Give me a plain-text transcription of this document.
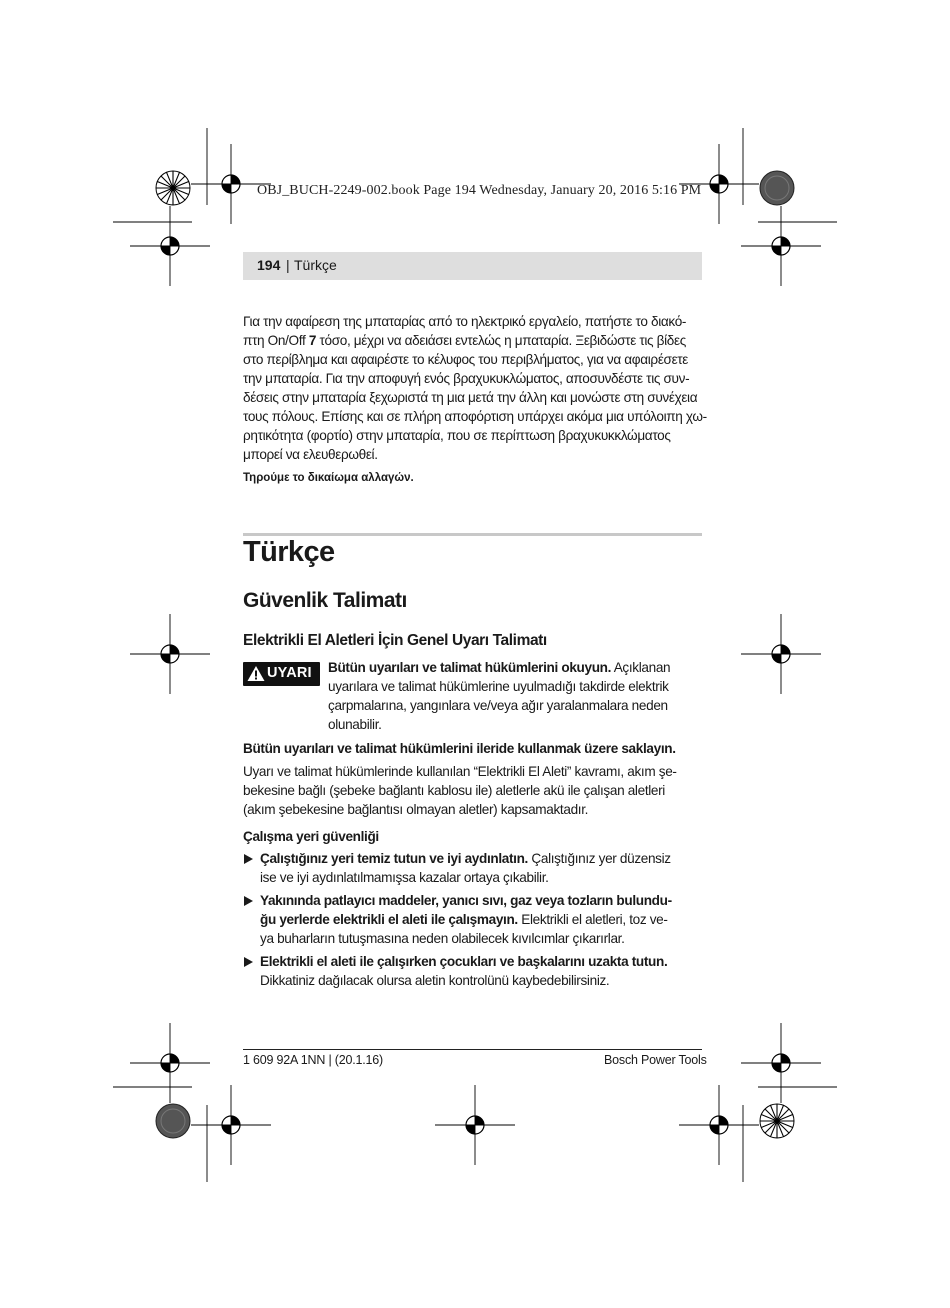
OBJ_BUCH-2249-002.book Page 194 Wednesday, January 20, 2016 5:16 PM
194 | Türkçe
Για την αφαίρεση της μπαταρίας από το ηλεκτρικό εργαλείο, πατήστε το διακό-
πτη On/Off 7 τόσο, μέχρι να αδειάσει εντελώς η μπαταρία. Ξεβιδώστε τις βίδες
στο περίβλημα και αφαιρέστε το κέλυφος του περιβλήματος, για να αφαιρέσετε
την μπαταρία. Για την αποφυγή ενός βραχυκυκλώματος, αποσυνδέστε τις συν-
δέσεις στην μπαταρία ξεχωριστά τη μια μετά την άλλη και μονώστε στη συνέχεια
τους πόλους. Επίσης και σε πλήρη αποφόρτιση υπάρχει ακόμα μια υπόλοιπη χω-
ρητικότητα (φορτίο) στην μπαταρία, που σε περίπτωση βραχυκυκκλώματος
μπορεί να ελευθερωθεί.
Τηρούμε το δικαίωμα αλλαγών.
Türkçe
Güvenlik Talimatı
Elektrikli El Aletleri İçin Genel Uyarı Talimatı
UYARI Bütün uyarıları ve talimat hükümlerini okuyun. Açıklanan
uyarılara ve talimat hükümlerine uyulmadığı takdirde elektrik
çarpmalarına, yangınlara ve/veya ağır yaralanmalara neden
olunabilir.
Bütün uyarıları ve talimat hükümlerini ileride kullanmak üzere saklayın.
Uyarı ve talimat hükümlerinde kullanılan “Elektrikli El Aleti” kavramı, akım şe-
bekesine bağlı (şebeke bağlantı kablosu ile) aletlerle akü ile çalışan aletleri
(akım şebekesine bağlantısı olmayan aletler) kapsamaktadır.
Çalışma yeri güvenliği
Çalıştığınız yeri temiz tutun ve iyi aydınlatın. Çalıştığınız yer düzensiz
ise ve iyi aydınlatılmamışsa kazalar ortaya çıkabilir.
Yakınında patlayıcı maddeler, yanıcı sıvı, gaz veya tozların bulundu-
ğu yerlerde elektrikli el aleti ile çalışmayın. Elektrikli el aletleri, toz ve-
ya buharların tutuşmasına neden olabilecek kıvılcımlar çıkarırlar.
Elektrikli el aleti ile çalışırken çocukları ve başkalarını uzakta tutun.
Dikkatiniz dağılacak olursa aletin kontrolünü kaybedebilirsiniz.
1 609 92A 1NN | (20.1.16)	Bosch Power Tools
